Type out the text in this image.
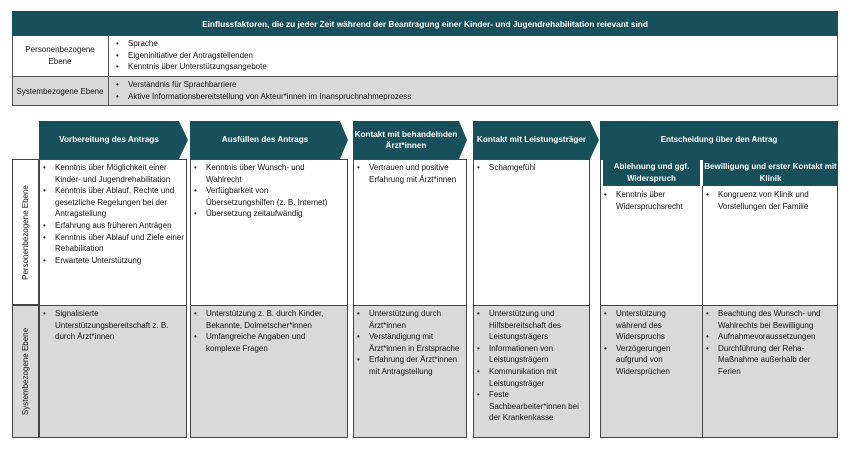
Einflussfaktoren, die zu jeder Zeit während der Beantragung einer Kinder- und Jugendrehabilitation relevant sind
Personenbezogene Ebene
• Sprache
• Eigeninitiative der Antragstellenden
• Kenntnis über Unterstützungsangebote
Systembezogene Ebene
• Verständnis für Sprachbarriere
• Aktive Informationsbereitstellung von Akteur*innen im Inanspruchnahmeprozess
Vorbereitung des Antrags	Ausfüllen des Antrags
Kontakt mit behandelnden Ärzt*innen
Kontakt mit Leistungsträger	Entscheidung über den Antrag
Ablehnung und ggf. Widerspruch
Bewilligung und erster Kontakt mit Klinik
Personenbezogene Ebene
Systembezogene Ebene
• Kenntnis über Möglichkeit einer Kinder- und Jugendrehabilitation
• Kenntnis über Ablauf, Rechte und gesetzliche Regelungen bei der Antragstellung
• Erfahrung aus früheren Anträgen
• Kenntnis über Ablauf und Ziele einer Rehabilitation
• Erwartete Unterstützung
• Kenntnis über Wunsch- und Wahlrecht
• Verfügbarkeit von Übersetzungshilfen (z. B. Internet)
• Übersetzung zeitaufwändig
• Vertrauen und positive Erfahrung mit Ärzt*innen
• Schamgefühl
• Kenntnis über Widerspruchsrecht
• Kongruenz von Klinik und Vorstellungen der Familie
• Signalisierte Unterstützungsbereitschaft z. B. durch Ärzt*innen
• Unterstützung z. B. durch Kinder, Bekannte, Dolmetscher*innen
• Umfangreiche Angaben und komplexe Fragen
• Unterstützung durch Ärzt*innen
• Verständigung mit Ärzt*innen in Erstsprache
• Erfahrung der Ärzt*innen mit Antragstellung
• Unterstützung und Hilfsbereitschaft des Leistungsträgers
• Informationen von Leistungsträgern
• Kommunikation mit Leistungsträger
• Feste Sachbearbeiter*innen bei der Krankenkasse
• Unterstützung während des Widerspruchs
• Verzögerungen aufgrund von Widersprüchen
• Beachtung des Wunsch- und Wahlrechts bei Bewilligung
• Aufnahmevoraussetzungen
• Durchführung der Reha-Maßnahme außerhalb der Ferien
